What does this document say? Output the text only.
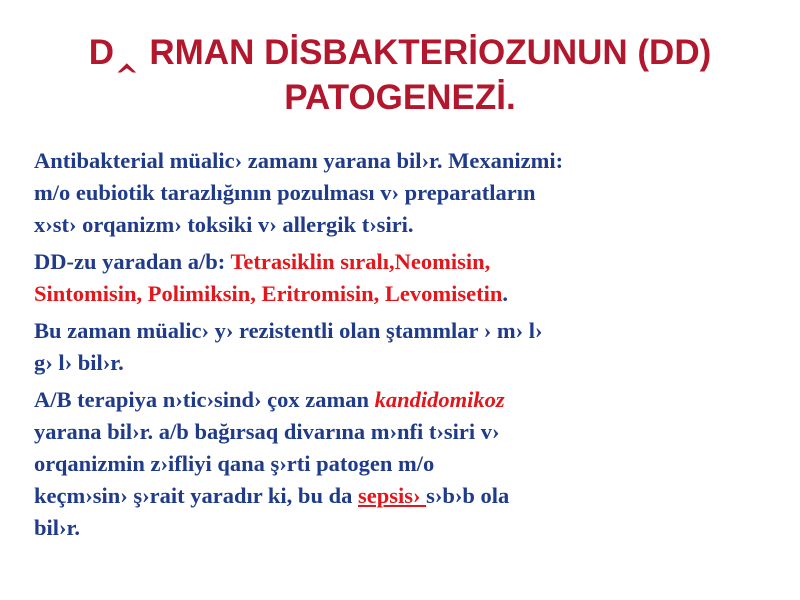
D‸ RMAN DİSBAKTERİOZUNUN (DD)
PATOGENEZİ.

Antibakterial müalic› zamanı yarana bil›r. Mexanizmi:
m/o eubiotik tarazlığının pozulması v› preparatların
x›st› orqanizm› toksiki v› allergik t›siri.

DD-zu yaradan a/b: Tetrasiklin sıralı,Neomisin,
Sintomisin, Polimiksin, Eritromisin, Levomisetin.

Bu zaman müalic› y› rezistentli olan ştammlar › m› l›
g› l› bil›r.

A/B terapiya n›tic›sind› çox zaman kandidomikoz
yarana bil›r. a/b bağırsaq divarına m›nfi t›siri v›
orqanizmin z›ifliyi qana ş›rti patogen m/o
keçm›sin› ş›rait yaradır ki, bu da sepsis› s›b›b ola
bil›r.
